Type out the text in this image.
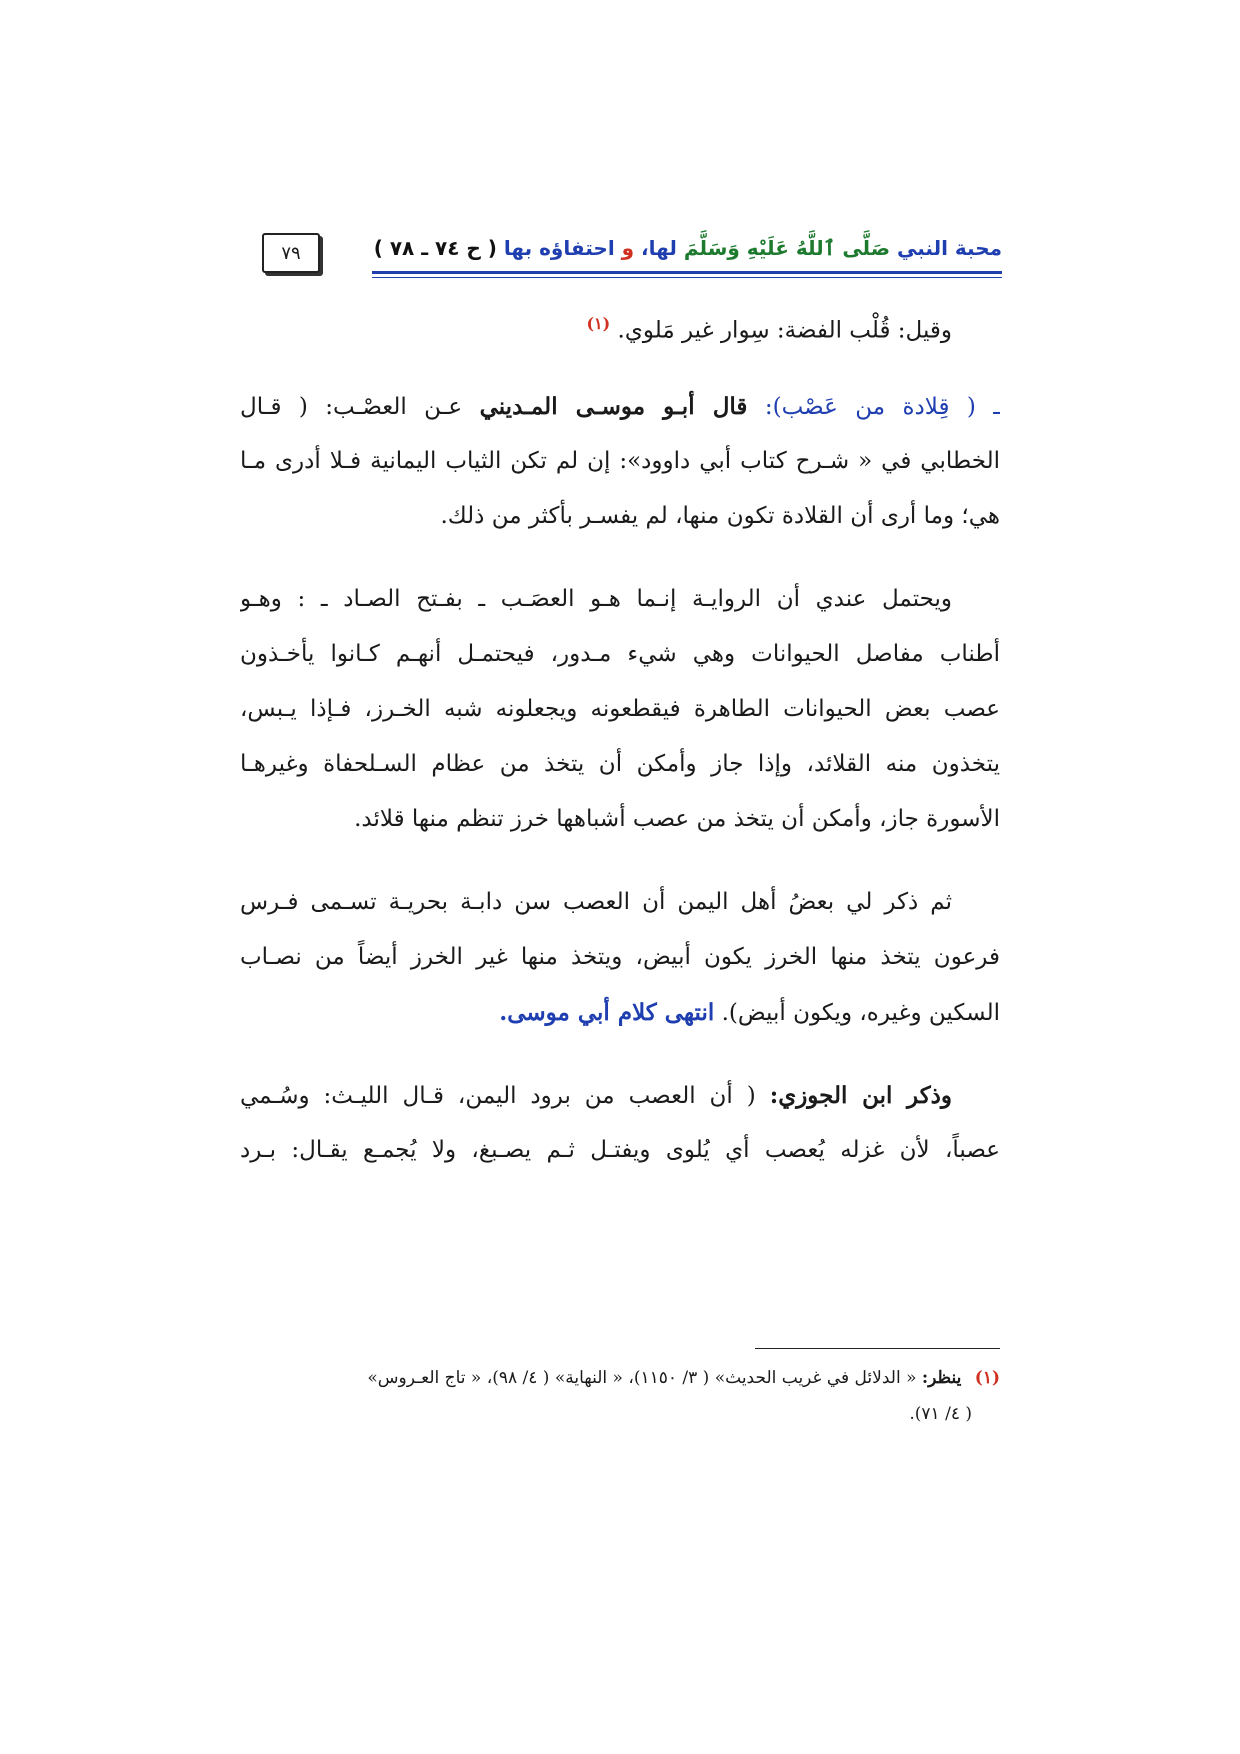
٧٩	محبة النبي صَلَّى ٱللَّهُ عَلَيْهِ وَسَلَّمَ لها، و احتفاؤه بها ( ح ٧٤ ـ ٧٨ )
وقيل: قُلْب الفضة: سِوار غير مَلوي. $^{(١)}$
ـ ( قِلادة من عَصْب): قال أبـو موسـى المـديني عـن العصْـب: ( قـال
الخطابي في « شـرح كتاب أبي داوود»: إن لم تكن الثياب اليمانية فـلا أدرى مـا
هي؛ وما أرى أن القلادة تكون منها، لم يفسـر بأكثر من ذلك.
ويحتمل عندي أن الروايـة إنـما هـو العصَـب ـ بفـتح الصـاد ـ : وهـو
أطناب مفاصل الحيوانات وهي شيء مـدور، فيحتمـل أنهـم كـانوا يأخـذون
عصب بعض الحيوانات الطاهرة فيقطعونه ويجعلونه شبه الخـرز، فـإذا يـبس،
يتخذون منه القلائد، وإذا جاز وأمكن أن يتخذ من عظام السـلحفاة وغيرهـا
الأسورة جاز، وأمكن أن يتخذ من عصب أشباهها خرز تنظم منها قلائد.
ثم ذكر لي بعضُ أهل اليمن أن العصب سن دابـة بحريـة تسـمى فـرس
فرعون يتخذ منها الخرز يكون أبيض، ويتخذ منها غير الخرز أيضاً من نصـاب
السكين وغيره، ويكون أبيض). انتهى كلام أبي موسى.
وذكر ابن الجوزي: ( أن العصب من برود اليمن، قـال الليـث: وسُـمي
عصباً، لأن غزله يُعصب أي يُلوى ويفتـل ثـم يصـبغ، ولا يُجمـع يقـال: بـرد
(١) ينظر: « الدلائل في غريب الحديث» ( ٣/ ١١٥٠)، « النهاية» ( ٤/ ٩٨)، « تاج العـروس»
( ٤/ ٧١).
